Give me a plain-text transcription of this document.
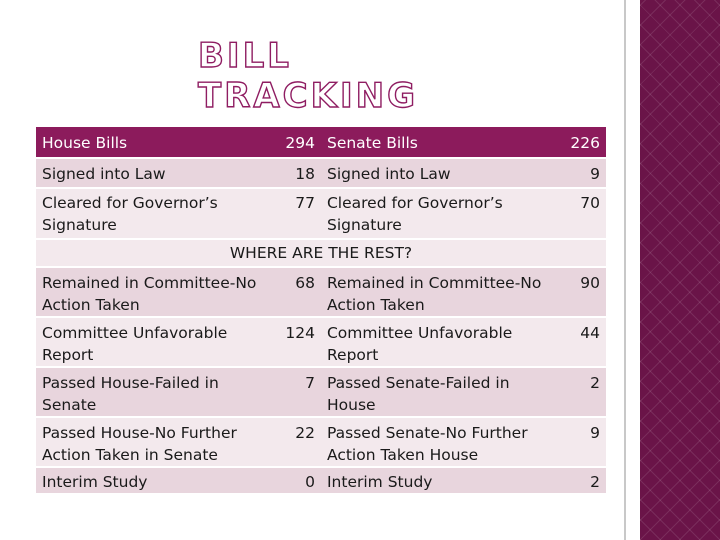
BILL TRACKING
House Bills	294	Senate Bills	226
Signed into Law	18	Signed into Law	9
Cleared for Governor’s Signature	77	Cleared for Governor’s Signature	70
WHERE ARE THE REST?			
Remained in Committee-No Action Taken	68	Remained in Committee-No Action Taken	90
Committee Unfavorable Report	124	Committee Unfavorable Report	44
Passed House-Failed in Senate	7	Passed Senate-Failed in House	2
Passed House-No Further Action Taken in Senate	22	Passed Senate-No Further Action Taken House	9
Interim Study	0	Interim Study	2
